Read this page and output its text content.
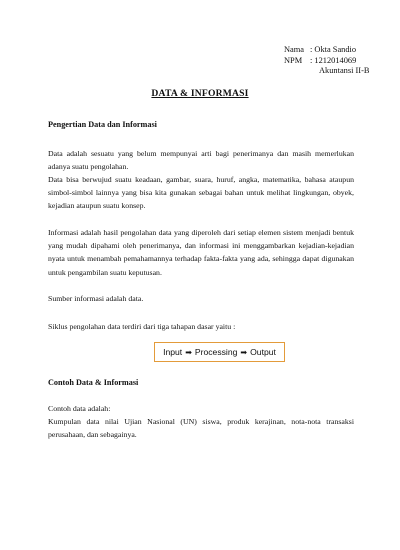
Nama : Okta Sandio
NPM : 1212014069
Akuntansi II-B
DATA & INFORMASI
Pengertian Data dan Informasi

Data adalah sesuatu yang belum mempunyai arti bagi penerimanya dan masih memerlukan adanya suatu pengolahan.

Data bisa berwujud suatu keadaan, gambar, suara, huruf, angka, matematika, bahasa ataupun simbol-simbol lainnya yang bisa kita gunakan sebagai bahan untuk melihat lingkungan, obyek, kejadian ataupun suatu konsep.

Informasi adalah hasil pengolahan data yang diperoleh dari setiap elemen sistem menjadi bentuk yang mudah dipahami oleh penerimanya, dan informasi ini menggambarkan kejadian-kejadian nyata untuk menambah pemahamannya terhadap fakta-fakta yang ada, sehingga dapat digunakan untuk pengambilan suatu keputusan.

Sumber informasi adalah data.

Siklus pengolahan data terdiri dari tiga tahapan dasar yaitu :

Input ➡ Processing ➡ Output
Contoh Data & Informasi

Contoh data adalah:

Kumpulan data nilai Ujian Nasional (UN) siswa, produk kerajinan, nota-nota transaksi perusahaan, dan sebagainya.
